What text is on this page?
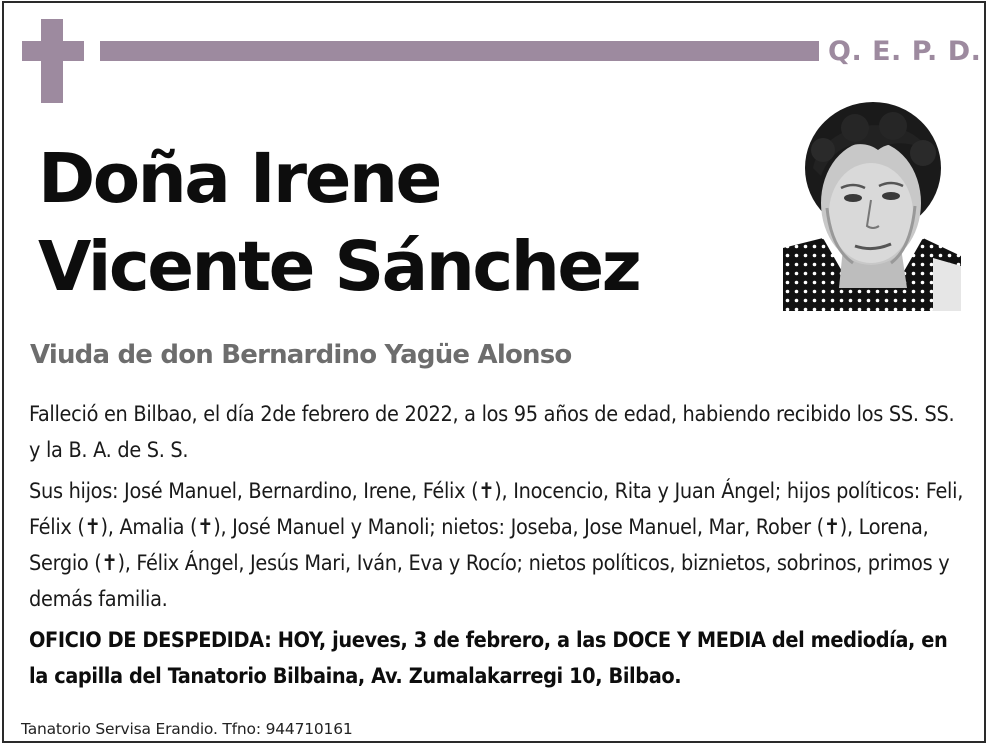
Q. E. P. D.
Doña Irene
Vicente Sánchez
Viuda de don Bernardino Yagüe Alonso
Falleció en Bilbao, el día 2de febrero de 2022, a los 95 años de edad, habiendo recibido los SS. SS. y la B. A. de S. S.
Sus hijos: José Manuel, Bernardino, Irene, Félix (✝), Inocencio, Rita y Juan Ángel; hijos políticos: Feli, Félix (✝), Amalia (✝), José Manuel y Manoli; nietos: Joseba, Jose Manuel, Mar, Rober (✝), Lorena, Sergio (✝), Félix Ángel, Jesús Mari, Iván, Eva y Rocío; nietos políticos, biznietos, sobrinos, primos y demás familia.
OFICIO DE DESPEDIDA: HOY, jueves, 3 de febrero, a las DOCE Y MEDIA del mediodía, en la capilla del Tanatorio Bilbaina, Av. Zumalakarregi 10, Bilbao.
Tanatorio Servisa Erandio. Tfno: 944710161
